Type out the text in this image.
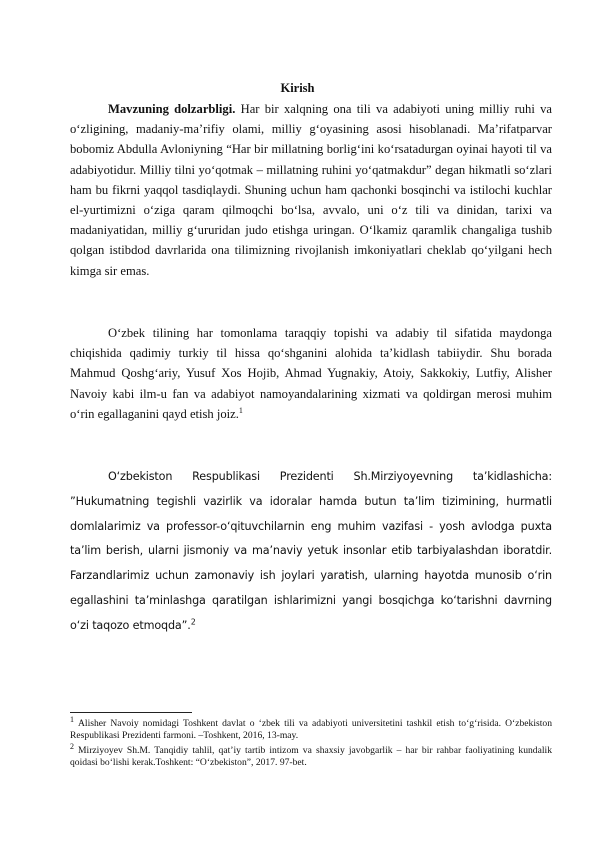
Kirish

Mavzuning dolzarbligi. Har bir xalqning ona tili va adabiyoti uning milliy ruhi va o‘zligining, madaniy-ma’rifiy olami, milliy g‘oyasining asosi hisoblanadi. Ma’rifatparvar bobomiz Abdulla Avloniyning “Har bir millatning borlig‘ini ko‘rsatadurgan oyinai hayoti til va adabiyotidur. Milliy tilni yo‘qotmak – millatning ruhini yo‘qatmakdur” degan hikmatli so‘zlari ham bu fikrni yaqqol tasdiqlaydi. Shuning uchun ham qachonki bosqinchi va istilochi kuchlar el-yurtimizni o‘ziga qaram qilmoqchi bo‘lsa, avvalo, uni o‘z tili va dinidan, tarixi va madaniyatidan, milliy g‘ururidan judo etishga uringan. O‘lkamiz qaramlik changaliga tushib qolgan istibdod davrlarida ona tilimizning rivojlanish imkoniyatlari cheklab qo‘yilgani hech kimga sir emas.

O‘zbek tilining har tomonlama taraqqiy topishi va adabiy til sifatida maydonga chiqishida qadimiy turkiy til hissa qo‘shganini alohida ta’kidlash tabiiydir. Shu borada Mahmud Qoshg‘ariy, Yusuf Xos Hojib, Ahmad Yugnakiy, Atoiy, Sakkokiy, Lutfiy, Alisher Navoiy kabi ilm-u fan va adabiyot namoyandalarining xizmati va qoldirgan merosi muhim o‘rin egallaganini qayd etish joiz.$^1$

O‘zbekiston Respublikasi Prezidenti Sh.Mirziyoyevning ta’kidlashicha: ”Hukumatning tegishli vazirlik va idoralar hamda butun ta’lim tizimining, hurmatli domlalarimiz va professor-o‘qituvchilarnin eng muhim vazifasi - yosh avlodga puxta ta’lim berish, ularni jismoniy va ma’naviy yetuk insonlar etib tarbiyalashdan iboratdir. Farzandlarimiz uchun zamonaviy ish joylari yaratish, ularning hayotda munosib o‘rin egallashini ta’minlashga qaratilgan ishlarimizni yangi bosqichga ko‘tarishni davrning o‘zi taqozo etmoqda”.$^2$

$^1$ Alisher Navoiy nomidagi Toshkent davlat o ‘zbek tili va adabiyoti universitetini tashkil etish to‘g‘risida. O‘zbekiston Respublikasi Prezidenti farmoni. –Toshkent, 2016, 13-may.

$^2$ Mirziyoyev Sh.M. Tanqidiy tahlil, qat’iy tartib intizom va shaxsiy javobgarlik – har bir rahbar faoliyatining kundalik qoidasi bo‘lishi kerak.Toshkent: “O‘zbekiston”, 2017. 97-bet.
